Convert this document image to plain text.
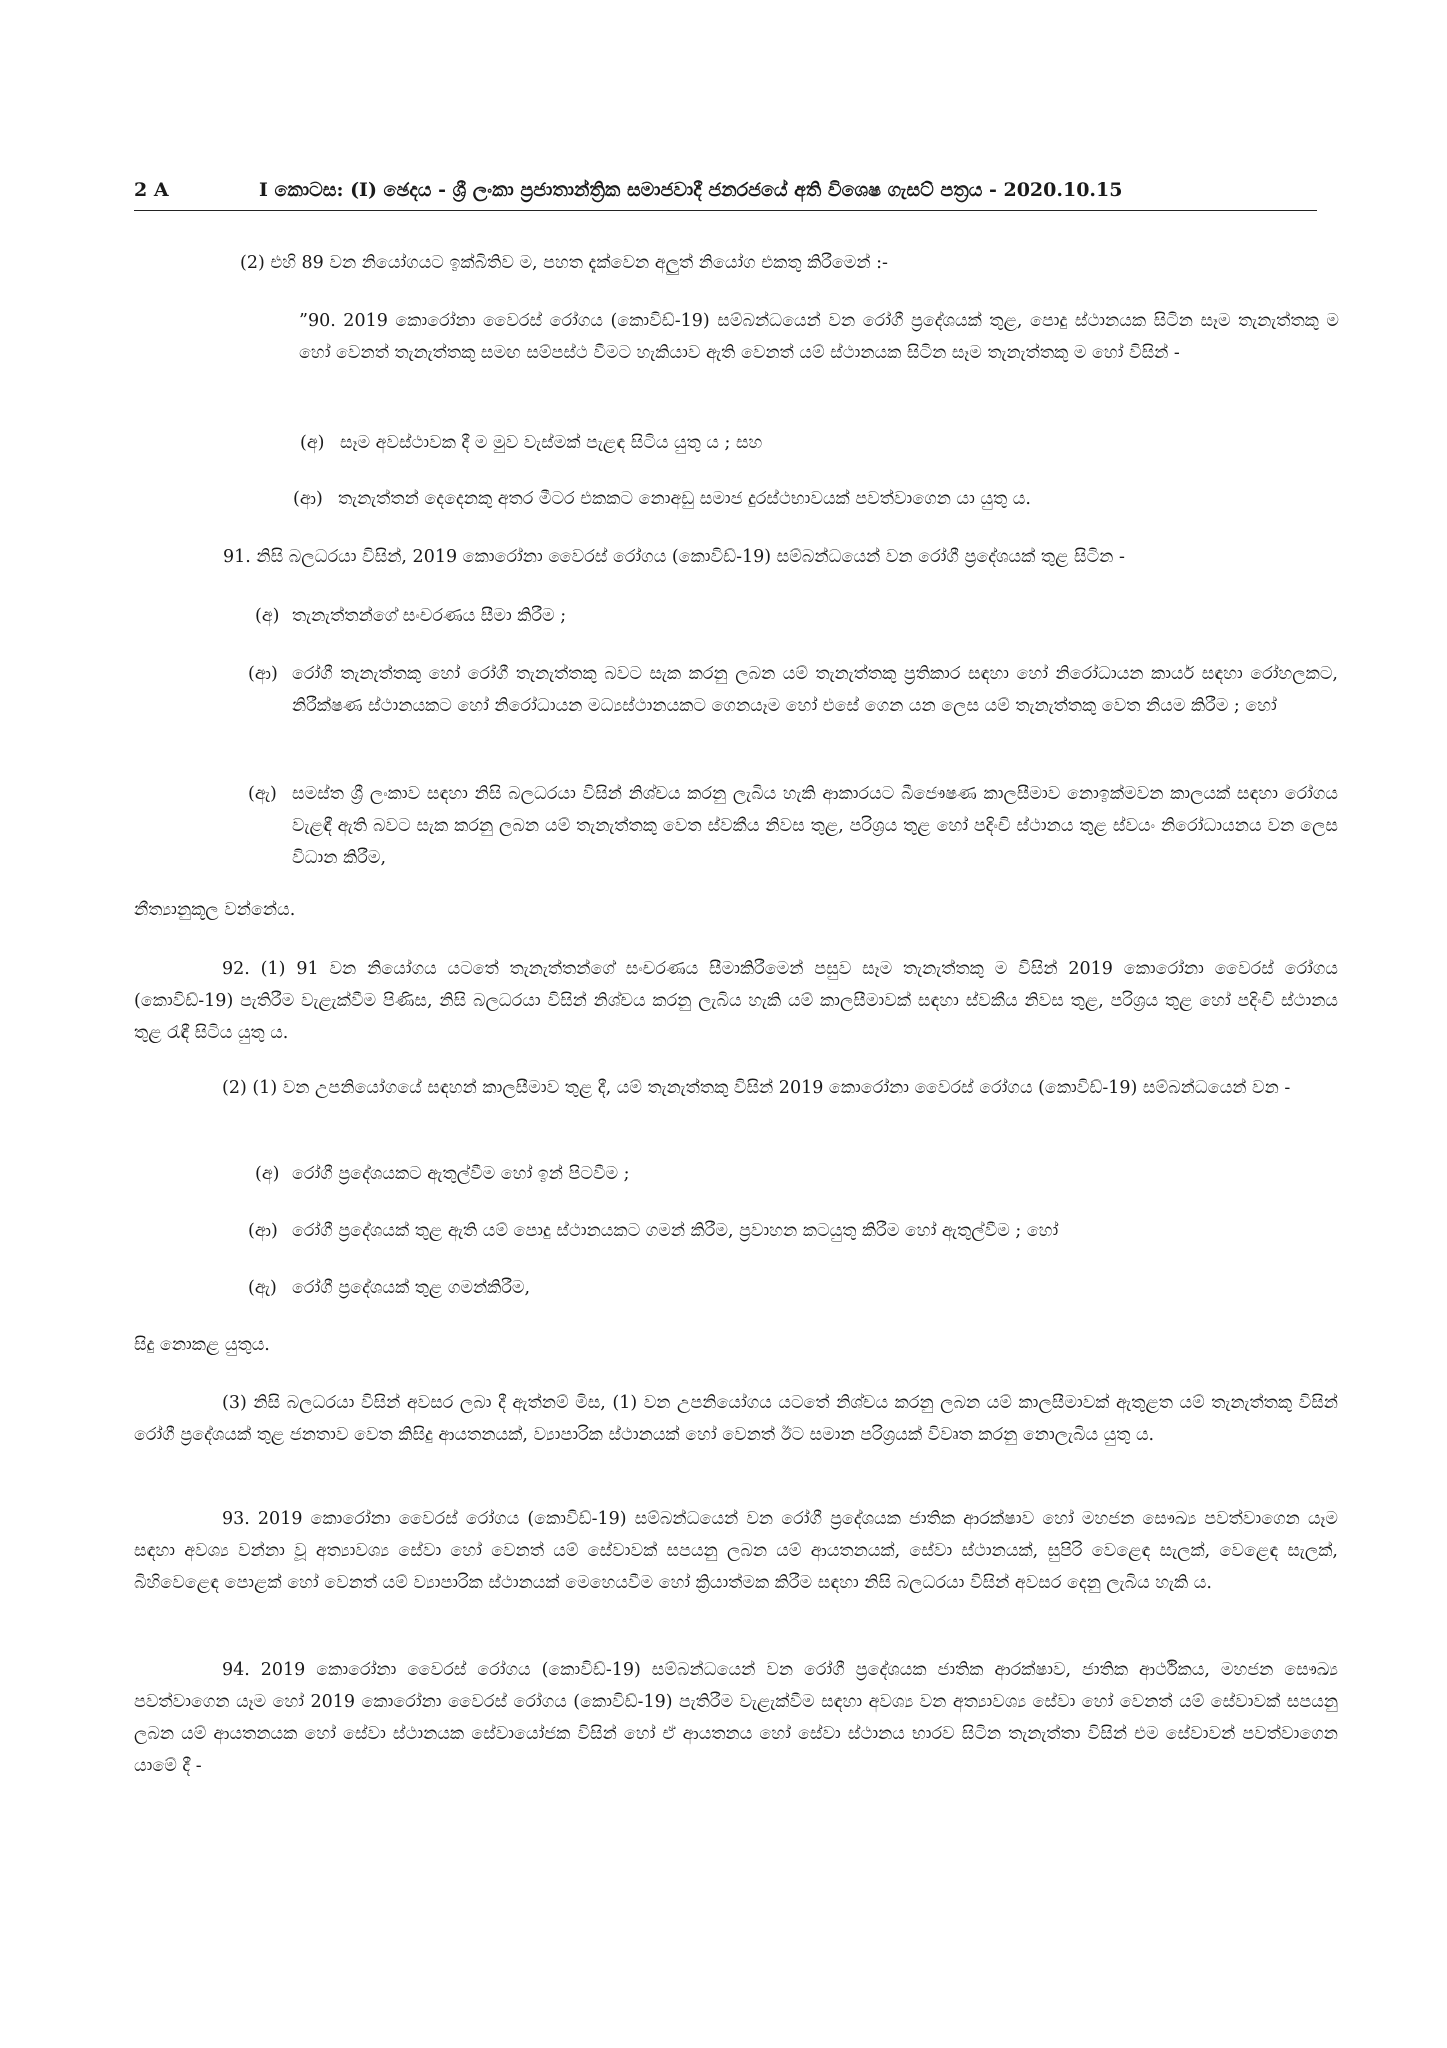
2 A	I කොටස: (I) ඡෙදය - ශ්‍රී ලංකා ප්‍රජාතාන්ත්‍රික සමාජවාදී ජනරජයේ අති විශෙෂ ගැසට් පත්‍රය - 2020.10.15

(2) එහි 89 වන නියෝගයට ඉක්බිතිව ම, පහත දැක්වෙන අලුත් නියෝග එකතු කිරීමෙන් :-

”90. 2019 කොරෝනා වෛරස් රෝගය (කොවිඩ්-19) සම්බන්ධයෙන් වන රෝගී ප්‍රදේශයක් තුළ, පොදු ස්ථානයක සිටින සෑම තැනැත්තකු ම හෝ වෙනත් තැනැත්තකු සමඟ සම්පස්ථ වීමට හැකියාව ඇති වෙනත් යම් ස්ථානයක සිටින සෑම තැනැත්තකු ම හෝ විසින් -

(අ) සෑම අවස්ථාවක දී ම මුව වැස්මක් පැළඳ සිටිය යුතු ය ; සහ

(ආ) තැනැත්තන් දෙදෙනකු අතර මීටර එකකට නොඅඩු සමාජ දුරස්ථභාවයක් පවත්වාගෙන යා යුතු ය.

91. නිසි බලධරයා විසින්, 2019 කොරෝනා වෛරස් රෝගය (කොවිඩ්-19) සම්බන්ධයෙන් වන රෝගී ප්‍රදේශයක් තුළ සිටින -

(අ) තැනැත්තන්ගේ සංචරණය සීමා කිරීම ;

(ආ) රෝගී තැනැත්තකු හෝ රෝගී තැනැත්තකු බවට සැක කරනු ලබන යම් තැනැත්තකු ප්‍රතිකාර සඳහා හෝ නිරෝධායන කාර්ය සඳහා රෝහලකට, නිරීක්ෂණ ස්ථානයකට හෝ නිරෝධායන මධ්‍යස්ථානයකට ගෙනයෑම හෝ එසේ ගෙන යන ලෙස යම් තැනැත්තකු වෙත නියම කිරීම ; හෝ

(ඇ) සමස්ත ශ්‍රී ලංකාව සඳහා නිසි බලධරයා විසින් නිශ්චය කරනු ලැබිය හැකි ආකාරයට බීජෞෂණ කාලසීමාව නොඉක්මවන කාලයක් සඳහා රෝගය වැළඳී ඇති බවට සැක කරනු ලබන යම් තැනැත්තකු වෙත ස්වකීය නිවස තුළ, පරිශ්‍රය තුළ හෝ පදිංචි ස්ථානය තුළ ස්වයං නිරෝධායනය වන ලෙස විධාන කිරීම,

නීත්‍යානුකූල වන්නේය.

92. (1) 91 වන නියෝගය යටතේ තැනැත්තන්ගේ සංචරණය සීමාකිරීමෙන් පසුව සෑම තැනැත්තකු ම විසින් 2019 කොරෝනා වෛරස් රෝගය (කොවිඩ්-19) පැතිරීම වැළැක්වීම පිණිස, නිසි බලධරයා විසින් නිශ්චය කරනු ලැබිය හැකි යම් කාලසීමාවක් සඳහා ස්වකීය නිවස තුළ, පරිශ්‍රය තුළ හෝ පදිංචි ස්ථානය තුළ රැඳී සිටිය යුතු ය.

(2) (1) වන උපනියෝගයේ සඳහන් කාලසීමාව තුළ දී, යම් තැනැත්තකු විසින් 2019 කොරෝනා වෛරස් රෝගය (කොවිඩ්-19) සම්බන්ධයෙන් වන -

(අ) රෝගී ප්‍රදේශයකට ඇතුල්වීම හෝ ඉන් පිටවීම ;

(ආ) රෝගී ප්‍රදේශයක් තුළ ඇති යම් පොදු ස්ථානයකට ගමන් කිරීම, ප්‍රවාහන කටයුතු කිරීම හෝ ඇතුල්වීම ; හෝ

(ඇ) රෝගී ප්‍රදේශයක් තුළ ගමන්කිරීම,

සිදු නොකළ යුතුය.

(3) නිසි බලධරයා විසින් අවසර ලබා දී ඇත්නම් මිස, (1) වන උපනියෝගය යටතේ නිශ්චය කරනු ලබන යම් කාලසීමාවක් ඇතුළත යම් තැනැත්තකු විසින් රෝගී ප්‍රදේශයක් තුළ ජනතාව වෙත කිසිදු ආයතනයක්, ව්‍යාපාරික ස්ථානයක් හෝ වෙනත් ඊට සමාන පරිශ්‍රයක් විවෘත කරනු නොලැබිය යුතු ය.

93. 2019 කොරෝනා වෛරස් රෝගය (කොවිඩ්-19) සම්බන්ධයෙන් වන රෝගී ප්‍රදේශයක ජාතික ආරක්ෂාව හෝ මහජන සෞඛ්‍ය පවත්වාගෙන යෑම සඳහා අවශ්‍ය වන්නා වූ අත්‍යාවශ්‍ය සේවා හෝ වෙනත් යම් සේවාවක් සපයනු ලබන යම් ආයතනයක්, සේවා ස්ථානයක්, සුපිරි වෙළෙඳ සැලක්, වෙළෙඳ සැලක්, බිහිවෙළෙඳ පොළක් හෝ වෙනත් යම් ව්‍යාපාරික ස්ථානයක් මෙහෙයවීම හෝ ක්‍රියාත්මක කිරීම සඳහා නිසි බලධරයා විසින් අවසර දෙනු ලැබිය හැකි ය.

94. 2019 කොරෝනා වෛරස් රෝගය (කොවිඩ්-19) සම්බන්ධයෙන් වන රෝගී ප්‍රදේශයක ජාතික ආරක්ෂාව, ජාතික ආර්ථිකය, මහජන සෞඛ්‍ය පවත්වාගෙන යෑම හෝ 2019 කොරෝනා වෛරස් රෝගය (කොවිඩ්-19) පැතිරීම වැළැක්වීම සඳහා අවශ්‍ය වන අත්‍යාවශ්‍ය සේවා හෝ වෙනත් යම් සේවාවක් සපයනු ලබන යම් ආයතනයක හෝ සේවා ස්ථානයක සේවායෝජක විසින් හෝ ඒ ආයතනය හෝ සේවා ස්ථානය භාරව සිටින තැනැත්තා විසින් එම සේවාවන් පවත්වාගෙන යාමේ දී -
